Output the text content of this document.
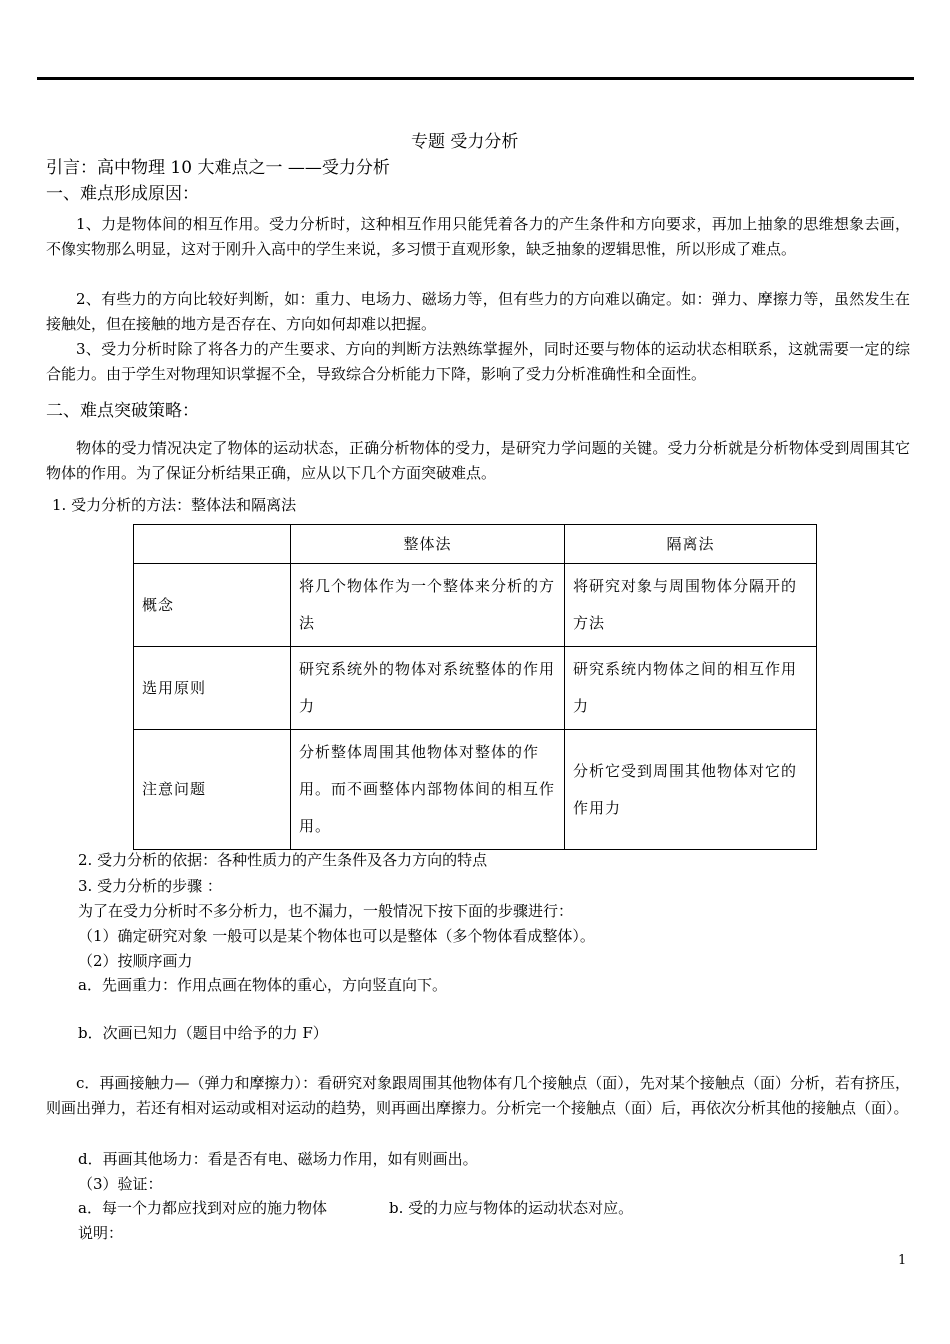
专题 受力分析
引言：高中物理 10 大难点之一 ——受力分析
一、难点形成原因：
1、力是物体间的相互作用。受力分析时，这种相互作用只能凭着各力的产生条件和方向要求，再加上抽象的思维想象去画，不像实物那么明显，这对于刚升入高中的学生来说，多习惯于直观形象，缺乏抽象的逻辑思惟，所以形成了难点。
2、有些力的方向比较好判断，如：重力、电场力、磁场力等，但有些力的方向难以确定。如：弹力、摩擦力等，虽然发生在接触处，但在接触的地方是否存在、方向如何却难以把握。
3、受力分析时除了将各力的产生要求、方向的判断方法熟练掌握外，同时还要与物体的运动状态相联系，这就需要一定的综合能力。由于学生对物理知识掌握不全，导致综合分析能力下降，影响了受力分析准确性和全面性。
二、难点突破策略：
物体的受力情况决定了物体的运动状态，正确分析物体的受力，是研究力学问题的关键。受力分析就是分析物体受到周围其它物体的作用。为了保证分析结果正确，应从以下几个方面突破难点。
1. 受力分析的方法：整体法和隔离法
	整体法	隔离法
概念	将几个物体作为一个整体来分析的方法	将研究对象与周围物体分隔开的方法
选用原则	研究系统外的物体对系统整体的作用力	研究系统内物体之间的相互作用力
注意问题	分析整体周围其他物体对整体的作用。而不画整体内部物体间的相互作用。	分析它受到周围其他物体对它的作用力
2. 受力分析的依据：各种性质力的产生条件及各力方向的特点
3. 受力分析的步骤 ：
为了在受力分析时不多分析力，也不漏力，一般情况下按下面的步骤进行：
（1）确定研究对象 一般可以是某个物体也可以是整体（多个物体看成整体）。
（2）按顺序画力
a．先画重力：作用点画在物体的重心，方向竖直向下。
b．次画已知力（题目中给予的力 F）
c．再画接触力—（弹力和摩擦力）：看研究对象跟周围其他物体有几个接触点（面），先对某个接触点（面）分析，若有挤压，则画出弹力，若还有相对运动或相对运动的趋势，则再画出摩擦力。分析完一个接触点（面）后，再依次分析其他的接触点（面）。
d．再画其他场力：看是否有电、磁场力作用，如有则画出。
（3）验证：
a．每一个力都应找到对应的施力物体	b. 受的力应与物体的运动状态对应。
说明：
1
